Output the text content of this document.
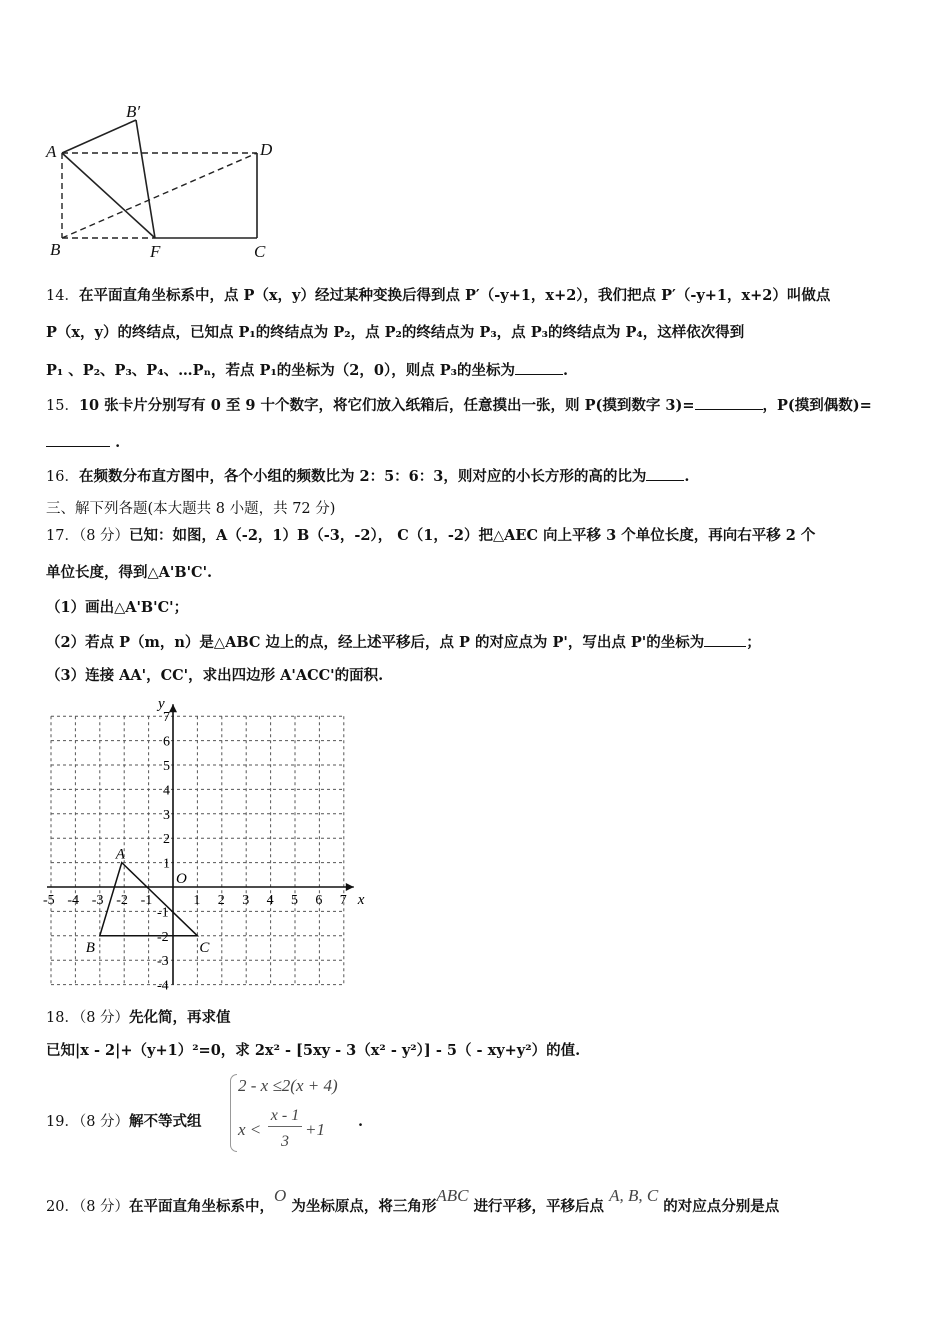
A
B′
D
B	F	C
14．在平面直角坐标系中，点 P（x，y）经过某种变换后得到点 P′（-y+1，x+2），我们把点 P′（-y+1，x+2）叫做点
P（x，y）的终结点，已知点 P₁的终结点为 P₂，点 P₂的终结点为 P₃，点 P₃的终结点为 P₄，这样依次得到
P₁ 、P₂、P₃、P₄、…Pₙ，若点 P₁的坐标为（2，0），则点 P₃的坐标为	.
15．10 张卡片分别写有 0 至 9 十个数字，将它们放入纸箱后，任意摸出一张，则 P(摸到数字 3)=	，P(摸到偶数)=
.
16．在频数分布直方图中，各个小组的频数比为 2：5：6：3，则对应的小长方形的高的比为	.
三、解下列各题(本大题共 8 小题，共 72 分)
17．（8 分）已知：如图，A（-2，1）B（-3，-2）， C（1，-2）把△AEC 向上平移 3 个单位长度，再向右平移 2 个
单位长度，得到△A'B'C'.
（1）画出△A'B'C'；
（2）若点 P（m，n）是△ABC 边上的点，经上述平移后，点 P 的对应点为 P'，写出点 P'的坐标为	；
（3）连接 AA'，CC'，求出四边形 A'ACC'的面积.
-5 -4 -3 -2 -1	1 2 3 4 5 6 7
7
6
5
4
3
2
1
-1
-2
-3
-4
x
y
O
A
B	C
18．（8 分）先化简，再求值
已知|x - 2|+（y+1）²=0，求 2x² - [5xy - 3（x² - y²）] - 5（ - xy+y²）的值.
2 - x ≤2(x + 4)
x <
x - 1
3
+1
19．（8 分）解不等式组	.
20．（8 分）在平面直角坐标系中，O 为坐标原点，将三角形ABC 进行平移，平移后点 A, B, C 的对应点分别是点
